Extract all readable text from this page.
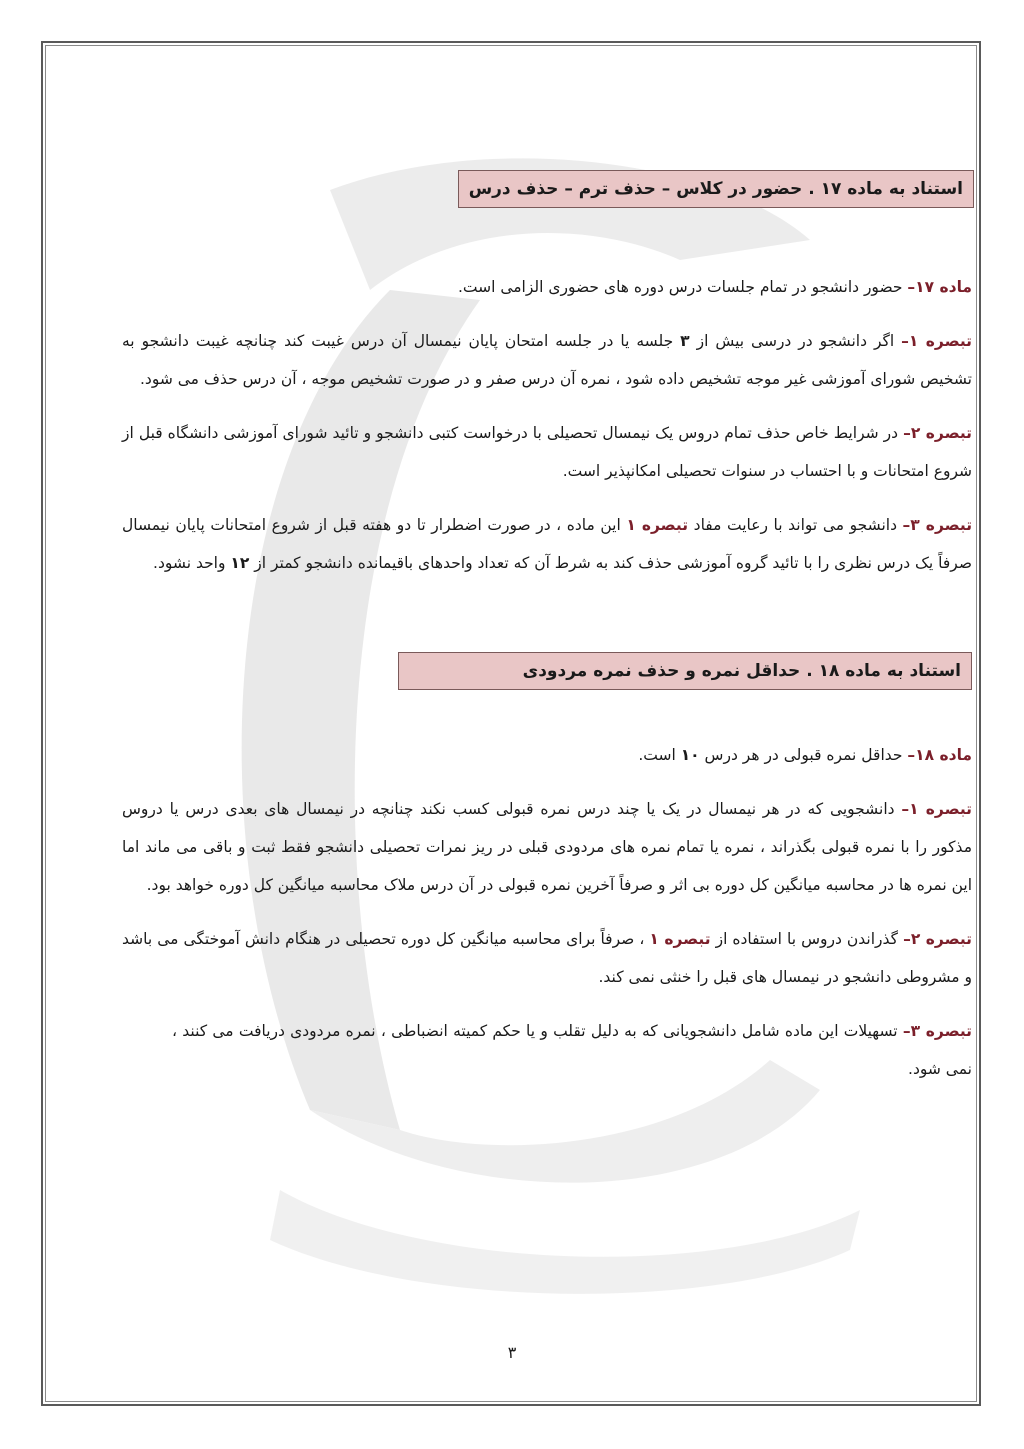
استناد به ماده ۱۷ . حضور در کلاس – حذف ترم – حذف درس

ماده ۱۷– حضور دانشجو در تمام جلسات درس دوره های حضوری الزامی است.

تبصره ۱– اگر دانشجو در درسی بیش از ۳ جلسه یا در جلسه امتحان پایان نیمسال آن درس غیبت کند چنانچه غیبت دانشجو به تشخیص شورای آموزشی غیر موجه تشخیص داده شود ، نمره آن درس صفر و در صورت تشخیص موجه ، آن درس حذف می شود.

تبصره ۲– در شرایط خاص حذف تمام دروس یک نیمسال تحصیلی با درخواست کتبی دانشجو و تائید شورای آموزشی دانشگاه قبل از شروع امتحانات و با احتساب در سنوات تحصیلی امکانپذیر است.

تبصره ۳– دانشجو می تواند با رعایت مفاد تبصره ۱ این ماده ، در صورت اضطرار تا دو هفته قبل از شروع امتحانات پایان نیمسال صرفاً یک درس نظری را با تائید گروه آموزشی حذف کند به شرط آن که تعداد واحدهای باقیمانده دانشجو کمتر از ۱۲ واحد نشود.

استناد به ماده ۱۸ . حداقل نمره و حذف نمره مردودی

ماده ۱۸– حداقل نمره قبولی در هر درس ۱۰ است.

تبصره ۱– دانشجویی که در هر نیمسال در یک یا چند درس نمره قبولی کسب نکند چنانچه در نیمسال های بعدی درس یا دروس مذکور را با نمره قبولی بگذراند ، نمره یا تمام نمره های مردودی قبلی در ریز نمرات تحصیلی دانشجو فقط ثبت و باقی می ماند اما این نمره ها در محاسبه میانگین کل دوره بی اثر و صرفاً آخرین نمره قبولی در آن درس ملاک محاسبه میانگین کل دوره خواهد بود.

تبصره ۲– گذراندن دروس با استفاده از تبصره ۱ ، صرفاً برای محاسبه میانگین کل دوره تحصیلی در هنگام دانش آموختگی می باشد و مشروطی دانشجو در نیمسال های قبل را خنثی نمی کند.

تبصره ۳– تسهیلات این ماده شامل دانشجویانی که به دلیل تقلب و یا حکم کمیته انضباطی ، نمره مردودی دریافت می کنند ، نمی شود.

۳
